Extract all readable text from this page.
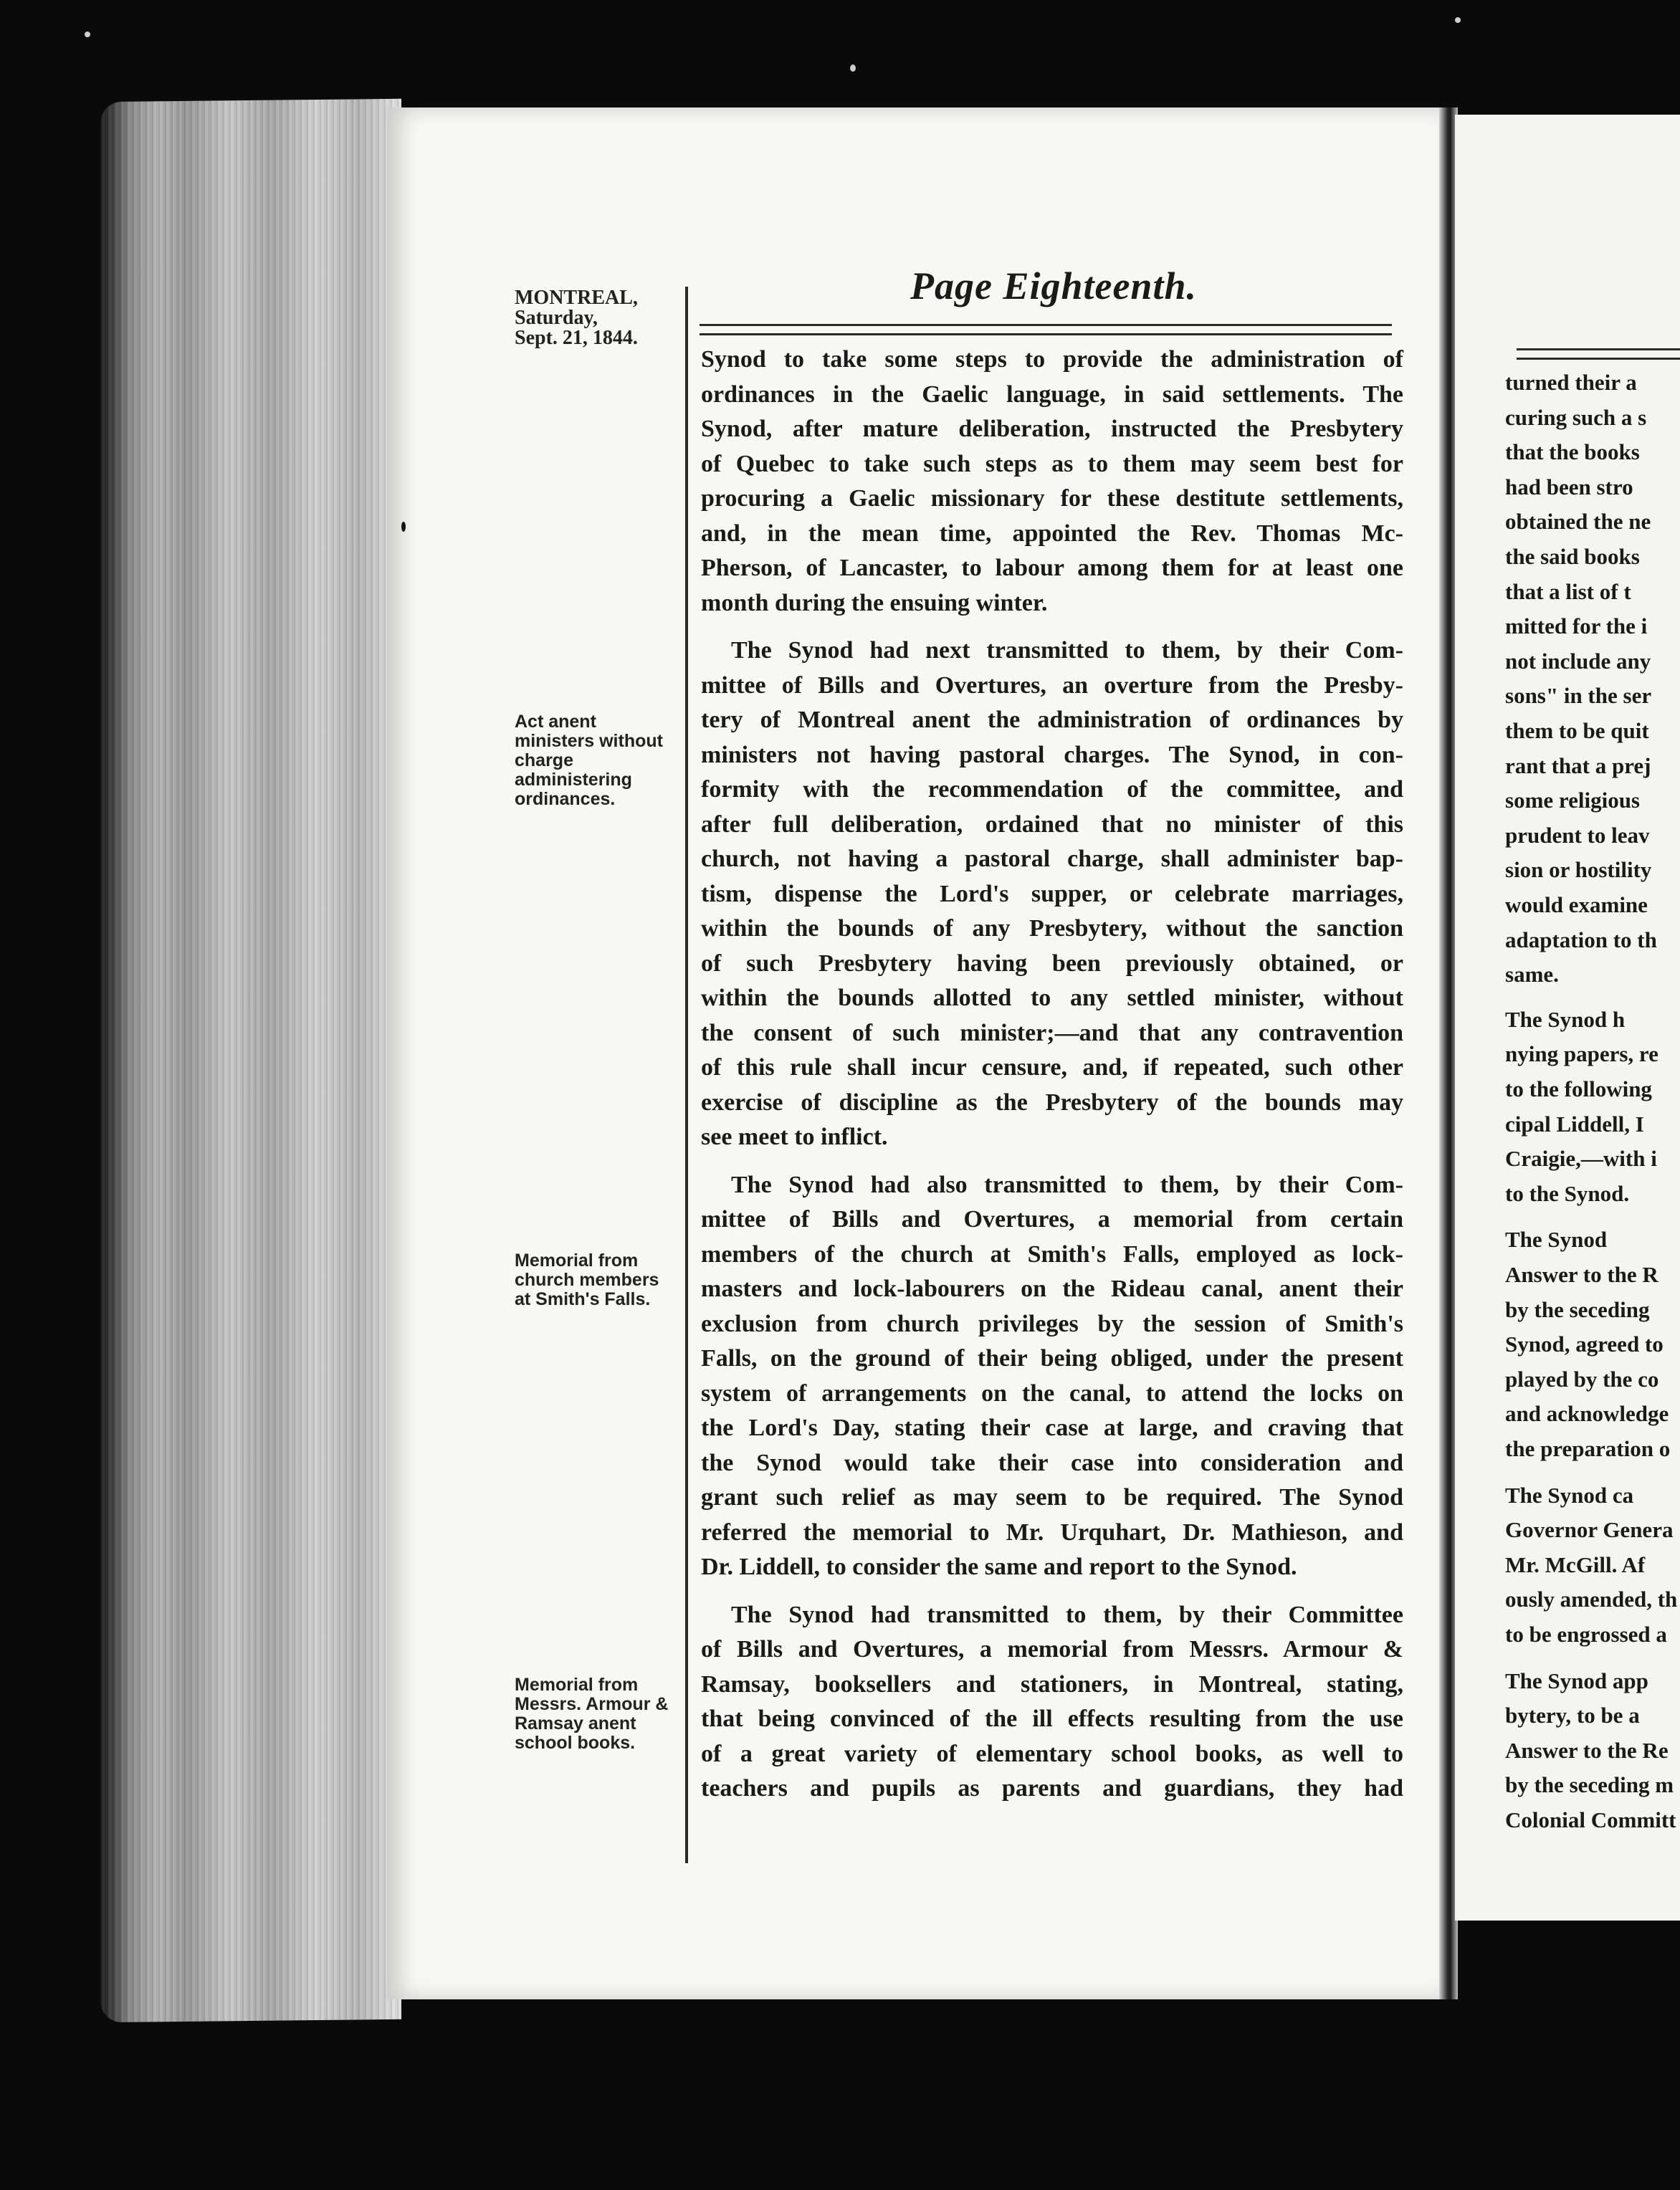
MONTREAL,
Saturday,
Sept. 21, 1844.
Act anent
ministers without
charge
administering
ordinances.
Memorial from
church members
at Smith's Falls.
Memorial from
Messrs. Armour &
Ramsay anent
school books.
Page Eighteenth.

Synod to take some steps to provide the administration of
ordinances in the Gaelic language, in said settlements. The
Synod, after mature deliberation, instructed the Presbytery
of Quebec to take such steps as to them may seem best for
procuring a Gaelic missionary for these destitute settlements,
and, in the mean time, appointed the Rev. Thomas Mc-
Pherson, of Lancaster, to labour among them for at least one
month during the ensuing winter.

The Synod had next transmitted to them, by their Com-
mittee of Bills and Overtures, an overture from the Presby-
tery of Montreal anent the administration of ordinances by
ministers not having pastoral charges. The Synod, in con-
formity with the recommendation of the committee, and
after full deliberation, ordained that no minister of this
church, not having a pastoral charge, shall administer bap-
tism, dispense the Lord's supper, or celebrate marriages,
within the bounds of any Presbytery, without the sanction
of such Presbytery having been previously obtained, or
within the bounds allotted to any settled minister, without
the consent of such minister;—and that any contravention
of this rule shall incur censure, and, if repeated, such other
exercise of discipline as the Presbytery of the bounds may
see meet to inflict.

The Synod had also transmitted to them, by their Com-
mittee of Bills and Overtures, a memorial from certain
members of the church at Smith's Falls, employed as lock-
masters and lock-labourers on the Rideau canal, anent their
exclusion from church privileges by the session of Smith's
Falls, on the ground of their being obliged, under the present
system of arrangements on the canal, to attend the locks on
the Lord's Day, stating their case at large, and craving that
the Synod would take their case into consideration and
grant such relief as may seem to be required. The Synod
referred the memorial to Mr. Urquhart, Dr. Mathieson, and
Dr. Liddell, to consider the same and report to the Synod.

The Synod had transmitted to them, by their Committee
of Bills and Overtures, a memorial from Messrs. Armour &
Ramsay, booksellers and stationers, in Montreal, stating,
that being convinced of the ill effects resulting from the use
of a great variety of elementary school books, as well to
teachers and pupils as parents and guardians, they had

turned their a
curing such a s
that the books
had been stro
obtained the ne
the said books
that a list of t
mitted for the i
not include any
sons" in the ser
them to be quit
rant that a prej
some religious
prudent to leav
sion or hostility
would examine
adaptation to th
same.
The Synod h
nying papers, re
to the following
cipal Liddell, I
Craigie,—with i
to the Synod.
The Synod
Answer to the R
by the seceding
Synod, agreed to
played by the co
and acknowledge
the preparation o
The Synod ca
Governor Genera
Mr. McGill. Af
ously amended, th
to be engrossed a
The Synod app
bytery, to be a
Answer to the Re
by the seceding m
Colonial Committ
